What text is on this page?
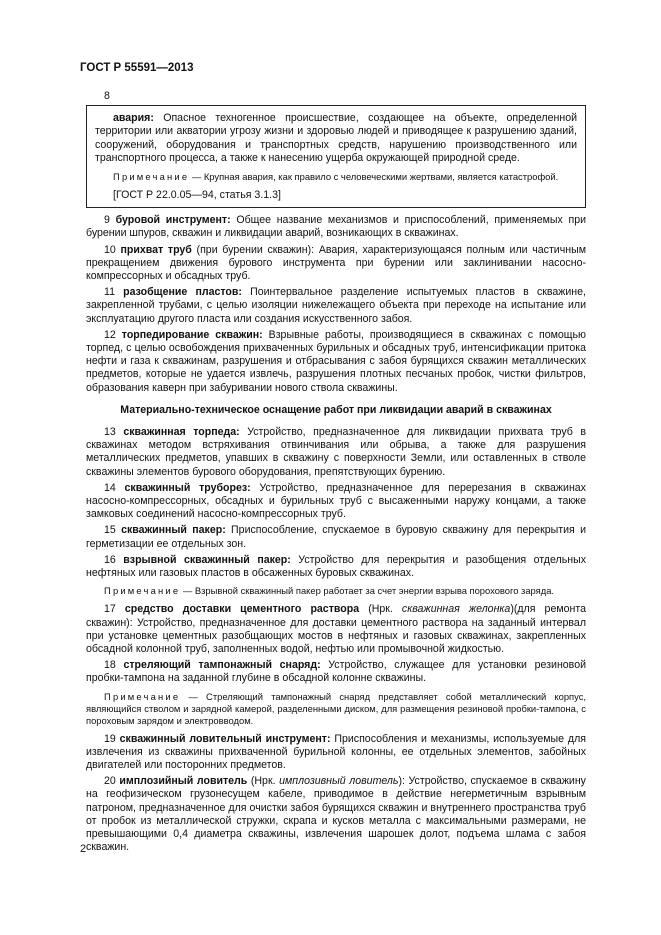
ГОСТ Р 55591—2013
8

авария: Опасное техногенное происшествие, создающее на объекте, определенной территории или акватории угрозу жизни и здоровью людей и приводящее к разрушению зданий, сооружений, оборудования и транспортных средств, нарушению производственного или транспортного процесса, а также к нанесению ущерба окружающей природной среде.

Примечание — Крупная авария, как правило с человеческими жертвами, является катастрофой.

[ГОСТ Р 22.0.05—94, статья 3.1.3]

9 буровой инструмент: Общее название механизмов и приспособлений, применяемых при бурении шпуров, скважин и ликвидации аварий, возникающих в скважинах.

10 прихват труб (при бурении скважин): Авария, характеризующаяся полным или частичным прекращением движения бурового инструмента при бурении или заклинивании насосно-компрессорных и обсадных труб.

11 разобщение пластов: Поинтервальное разделение испытуемых пластов в скважине, закрепленной трубами, с целью изоляции нижележащего объекта при переходе на испытание или эксплуатацию другого пласта или создания искусственного забоя.

12 торпедирование скважин: Взрывные работы, производящиеся в скважинах с помощью торпед, с целью освобождения прихваченных бурильных и обсадных труб, интенсификации притока нефти и газа к скважинам, разрушения и отбрасывания с забоя бурящихся скважин металлических предметов, которые не удается извлечь, разрушения плотных песчаных пробок, чистки фильтров, образования каверн при забуривании нового ствола скважины.

Материально-техническое оснащение работ при ликвидации аварий в скважинах

13 скважинная торпеда: Устройство, предназначенное для ликвидации прихвата труб в скважинах методом встряхивания отвинчивания или обрыва, а также для разрушения металлических предметов, упавших в скважину с поверхности Земли, или оставленных в стволе скважины элементов бурового оборудования, препятствующих бурению.

14 скважинный труборез: Устройство, предназначенное для перерезания в скважинах насосно-компрессорных, обсадных и бурильных труб с высаженными наружу концами, а также замковых соединений насосно-компрессорных труб.

15 скважинный пакер: Приспособление, спускаемое в буровую скважину для перекрытия и герметизации ее отдельных зон.

16 взрывной скважинный пакер: Устройство для перекрытия и разобщения отдельных нефтяных или газовых пластов в обсаженных буровых скважинах.

Примечание — Взрывной скважинный пакер работает за счет энергии взрыва порохового заряда.

17 средство доставки цементного раствора (Нрк. скважинная желонка)(для ремонта скважин): Устройство, предназначенное для доставки цементного раствора на заданный интервал при установке цементных разобщающих мостов в нефтяных и газовых скважинах, закрепленных обсадной колонной труб, заполненных водой, нефтью или промывочной жидкостью.

18 стреляющий тампонажный снаряд: Устройство, служащее для установки резиновой пробки-тампона на заданной глубине в обсадной колонне скважины.

Примечание — Стреляющий тампонажный снаряд представляет собой металлический корпус, являющийся стволом и зарядной камерой, разделенными диском, для размещения резиновой пробки-тампона, с пороховым зарядом и электровводом.

19 скважинный ловительный инструмент: Приспособления и механизмы, используемые для извлечения из скважины прихваченной бурильной колонны, ее отдельных элементов, забойных двигателей или посторонних предметов.

20 имплозийный ловитель (Нрк. имплозивный ловитель): Устройство, спускаемое в скважину на геофизическом грузонесущем кабеле, приводимое в действие негерметичным взрывным патроном, предназначенное для очистки забоя бурящихся скважин и внутреннего пространства труб от пробок из металлической стружки, скрапа и кусков металла с максимальными размерами, не превышающими 0,4 диаметра скважины, извлечения шарошек долот, подъема шлама с забоя скважин.

2
